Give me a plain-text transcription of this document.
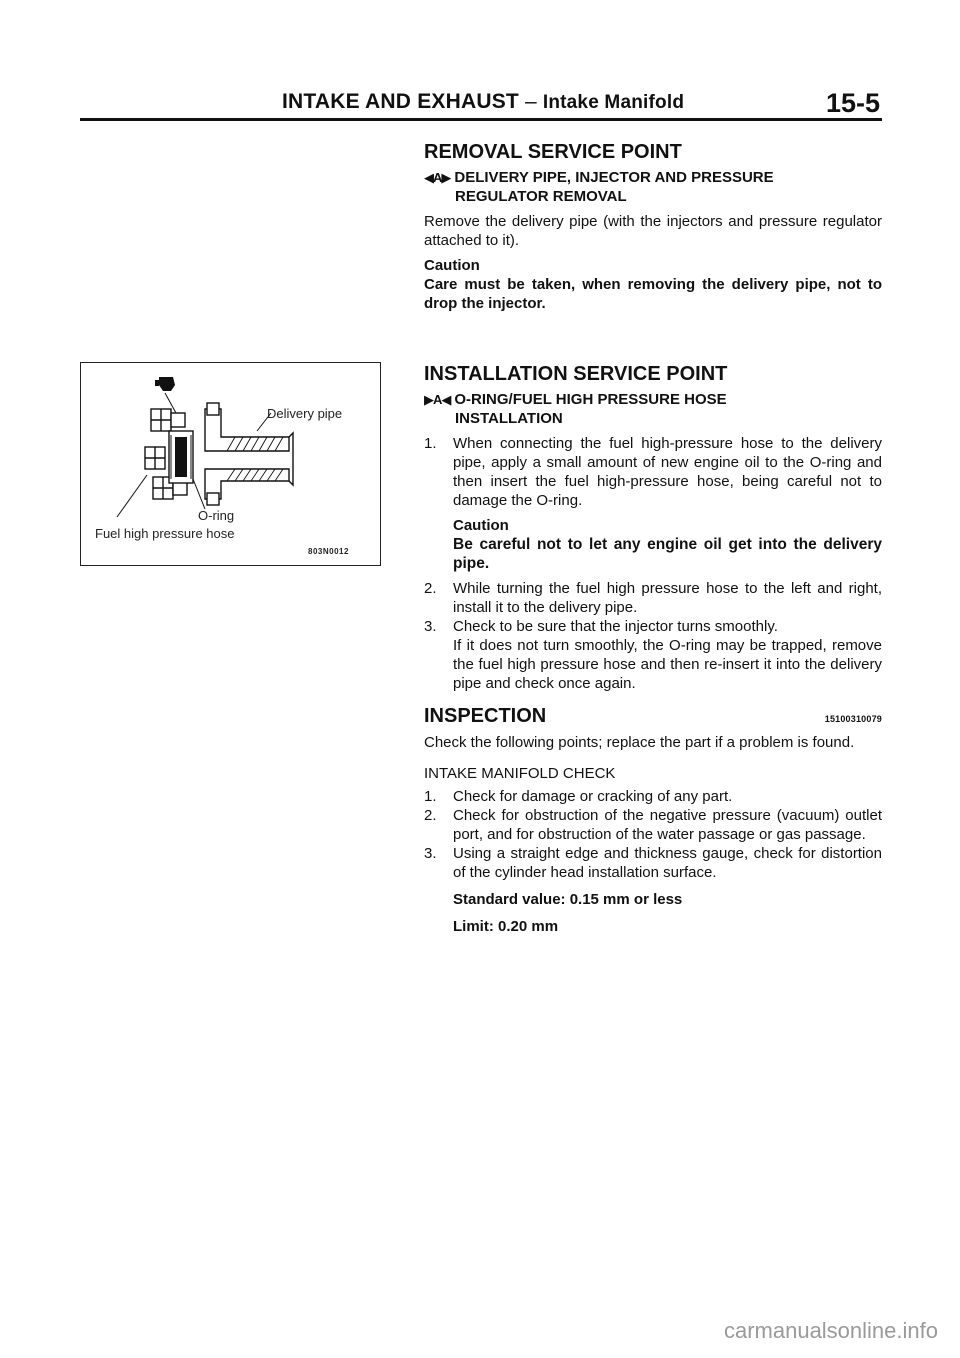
INTAKE AND EXHAUST – Intake Manifold	15-5
REMOVAL SERVICE POINT
◀A▶ DELIVERY PIPE, INJECTOR AND PRESSURE
REGULATOR REMOVAL

Remove the delivery pipe (with the injectors and pressure regulator attached to it).

Caution

Care must be taken, when removing the delivery pipe, not to drop the injector.

Delivery pipe
O-ring
Fuel high pressure hose
803N0012
INSTALLATION SERVICE POINT
▶A◀ O-RING/FUEL HIGH PRESSURE HOSE
INSTALLATION
1.	When connecting the fuel high-pressure hose to the delivery pipe, apply a small amount of new engine oil to the O-ring and then insert the fuel high-pressure hose, being careful not to damage the O-ring.
Caution

Be careful not to let any engine oil get into the delivery pipe.

2.	While turning the fuel high pressure hose to the left and right, install it to the delivery pipe.
3.	Check to be sure that the injector turns smoothly.

If it does not turn smoothly, the O-ring may be trapped, remove the fuel high pressure hose and then re-insert it into the delivery pipe and check once again.

INSPECTION	15100310079

Check the following points; replace the part if a problem is found.

INTAKE MANIFOLD CHECK
1.	Check for damage or cracking of any part.
2.	Check for obstruction of the negative pressure (vacuum) outlet port, and for obstruction of the water passage or gas passage.
3.	Using a straight edge and thickness gauge, check for distortion of the cylinder head installation surface.
Standard value: 0.15 mm or less
Limit: 0.20 mm
carmanualsonline.info
